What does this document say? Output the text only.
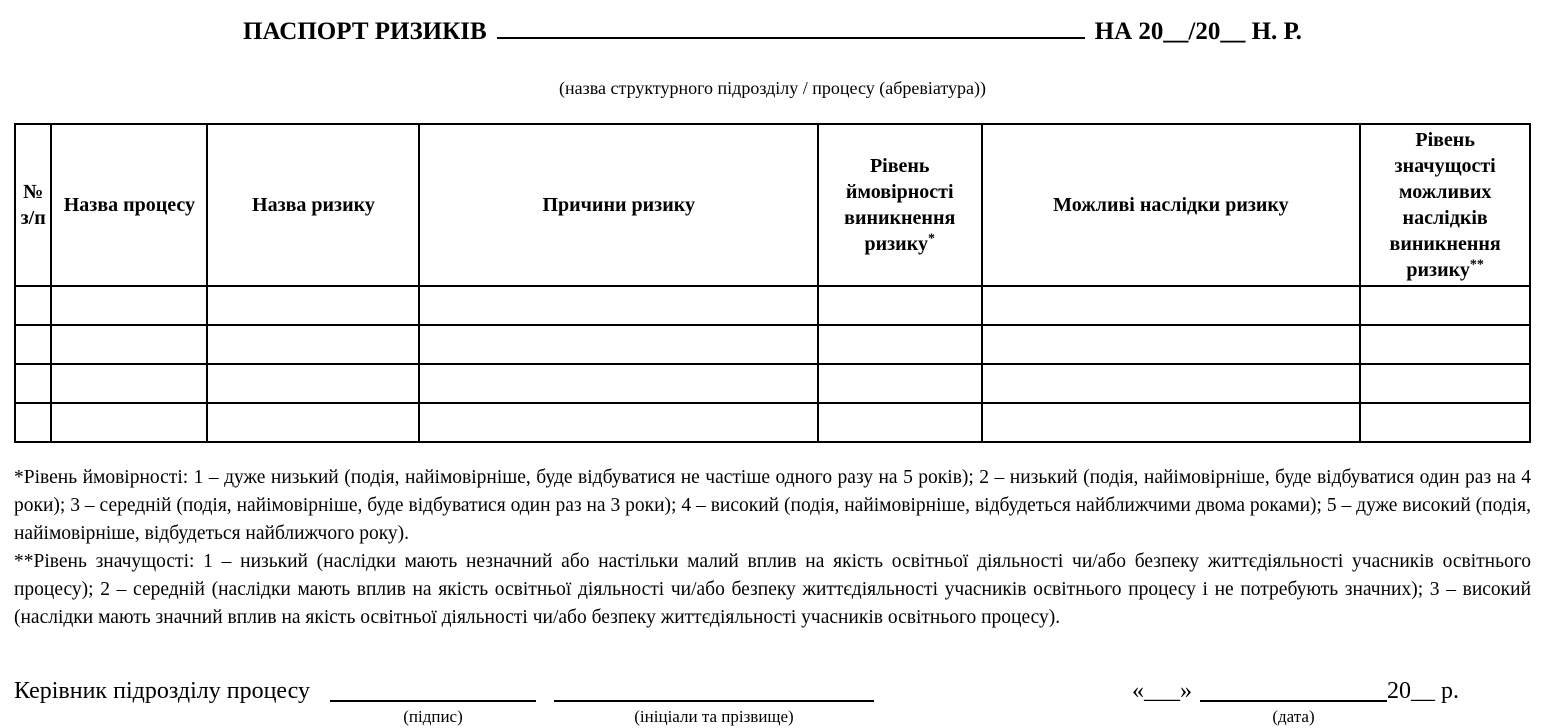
ПАСПОРТ РИЗИКІВ	НА 20__/20__ Н. Р.
(назва структурного підрозділу / процесу (абревіатура))
№ з/п	Назва процесу	Назва ризику	Причини ризику	Рівень ймовірності виникнення ризику*	Можливі наслідки ризику	Рівень значущості можливих наслідків виникнення ризику**

*Рівень ймовірності: 1 – дуже низький (подія, найімовірніше, буде відбуватися не частіше одного разу на 5 років); 2 – низький (подія, найімовірніше, буде відбуватися один раз на 4 роки); 3 – середній (подія, найімовірніше, буде відбуватися один раз на 3 роки); 4 – високий (подія, найімовірніше, відбудеться найближчими двома роками); 5 – дуже високий (подія, найімовірніше, відбудеться найближчого року).

**Рівень значущості: 1 – низький (наслідки мають незначний або настільки малий вплив на якість освітньої діяльності чи/або безпеку життєдіяльності учасників освітнього процесу); 2 – середній (наслідки мають вплив на якість освітньої діяльності чи/або безпеку життєдіяльності учасників освітнього процесу і не потребують значних); 3 – високий (наслідки мають значний вплив на якість освітньої діяльності чи/або безпеку життєдіяльності учасників освітнього процесу).

Керівник підрозділу процесу
(підпис)	(ініціали та прізвище)
«___»
(дата)
20__ р.
